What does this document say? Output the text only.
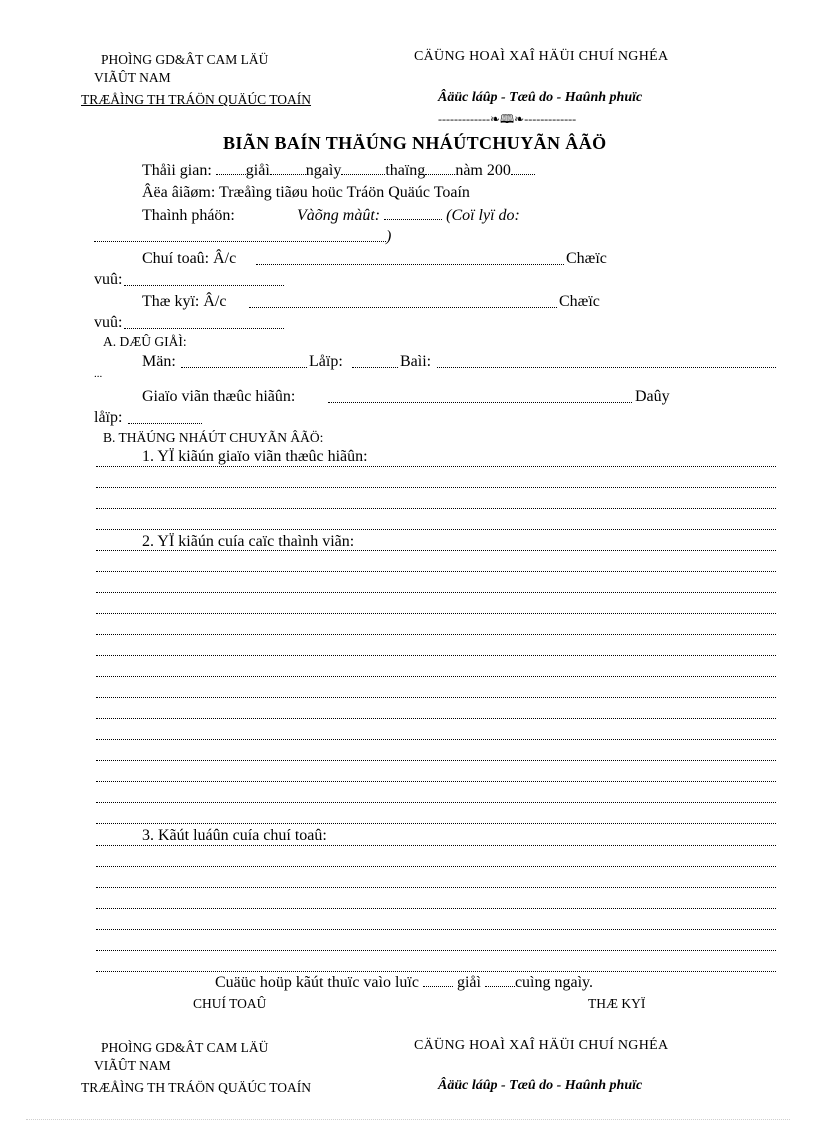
PHOÌNG GD&ÂT CAM LÄÜ
VIÃÛT NAM
TRÆÅÌNG TH TRÁÖN QUÄÚC TOAÍN
CÄÜNG HOAÌ XAÎ HÄÜI CHUÍ NGHÉA
Âäüc láûp - Tæû do - Haûnh phuïc
-------------❧🕮❧-------------
BIÃN BAÍN THÄÚNG NHÁÚTCHUYÃN ÂÃÖ
Thåìi gian: giåì ngaìy	thaïng nàm 200
Âëa âiãøm: Træåìng tiãøu hoüc Tráön Quäúc Toaín
Thaình pháön:	Vàõng màût:	(Coï lyï do:
)
Chuí toaû: Â/c	Chæïc
vuû:
Thæ kyï: Â/c	Chæïc
vuû:
A. DÆÛ GIÅÌ:
Män:	Låïp:	Baìi:
...
Giaïo viãn thæûc hiãûn:	Daûy
låïp:
B. THÄÚNG NHÁÚT CHUYÃN ÂÃÖ:
1. YÏ kiãún giaïo viãn thæûc hiãûn:
2. YÏ kiãún cuía caïc thaình viãn:
3. Kãút luáûn cuía chuí toaû:
Cuäüc hoüp kãút thuïc vaìo luïc giåì cuìng ngaìy.
CHUÍ TOAÛ	THÆ KYÏ
PHOÌNG GD&ÂT CAM LÄÜ
VIÃÛT NAM
TRÆÅÌNG TH TRÁÖN QUÄÚC TOAÍN
CÄÜNG HOAÌ XAÎ HÄÜI CHUÍ NGHÉA
Âäüc láûp - Tæû do - Haûnh phuïc
